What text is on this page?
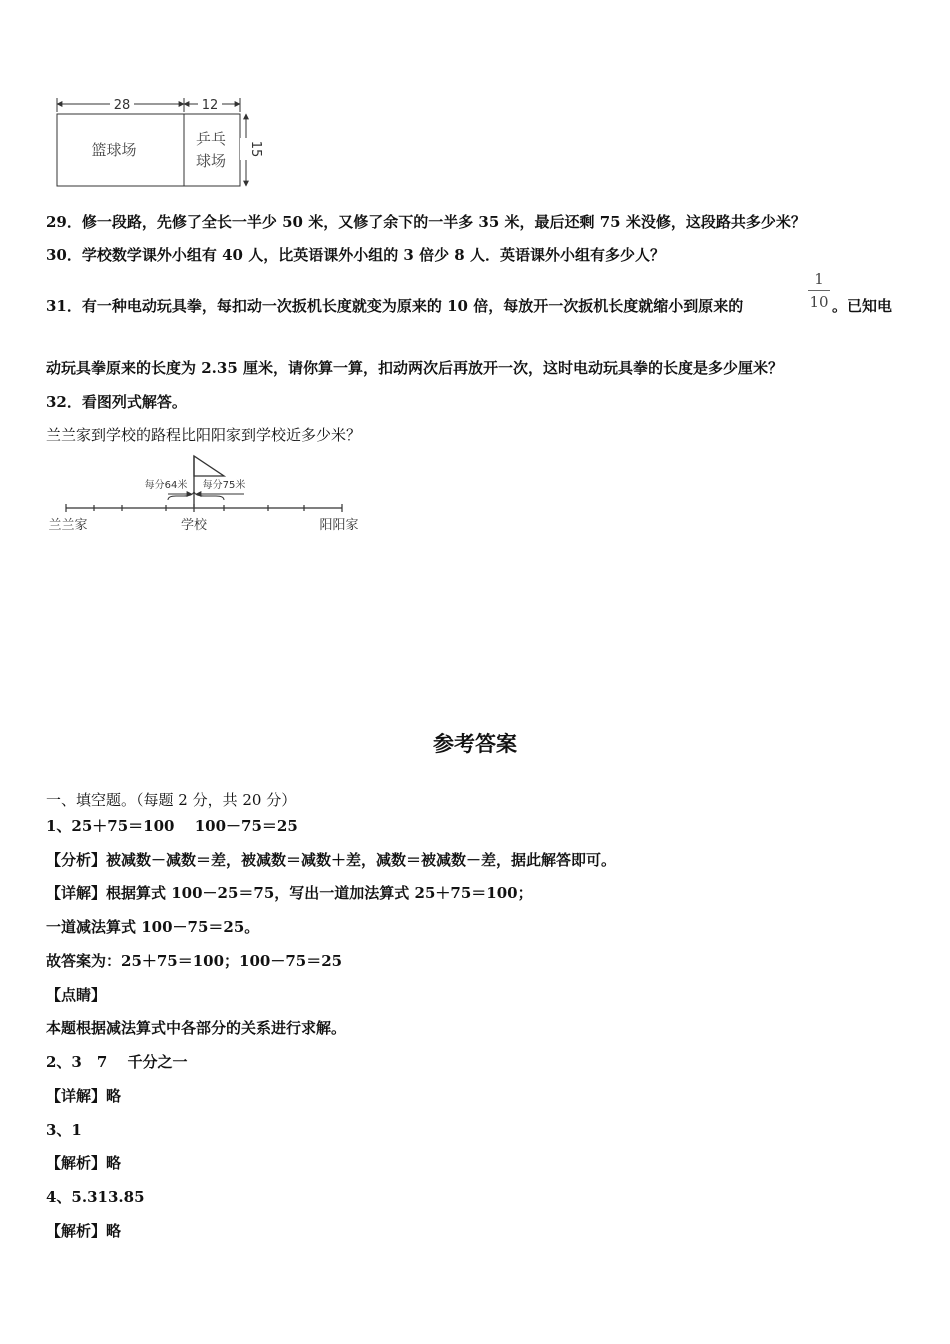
28	12
15
篮球场
乒乓
球场
29．修一段路，先修了全长一半少 50 米，又修了余下的一半多 35 米，最后还剩 75 米没修，这段路共多少米？
30．学校数学课外小组有 40 人，比英语课外小组的 3 倍少 8 人．英语课外小组有多少人？
31．有一种电动玩具拳，每扣动一次扳机长度就变为原来的 10 倍，每放开一次扳机长度就缩小到原来的
1
10 。已知电
动玩具拳原来的长度为 2.35 厘米，请你算一算，扣动两次后再放开一次，这时电动玩具拳的长度是多少厘米？
32．看图列式解答。
兰兰家到学校的路程比阳阳家到学校近多少米？
每分64米 每分75米
兰兰家	学校	阳阳家
参考答案
一、填空题。（每题 2 分，共 20 分）
1、25＋75＝100　 100－75＝25
【分析】被减数－减数＝差，被减数＝减数＋差，减数＝被减数－差，据此解答即可。
【详解】根据算式 100－25＝75，写出一道加法算式 25＋75＝100；
一道减法算式 100－75＝25。
故答案为：25＋75＝100；100－75＝25
【点睛】
本题根据减法算式中各部分的关系进行求解。
2、3　7　 千分之一
【详解】略
3、1
【解析】略
4、5.313.85
【解析】略
